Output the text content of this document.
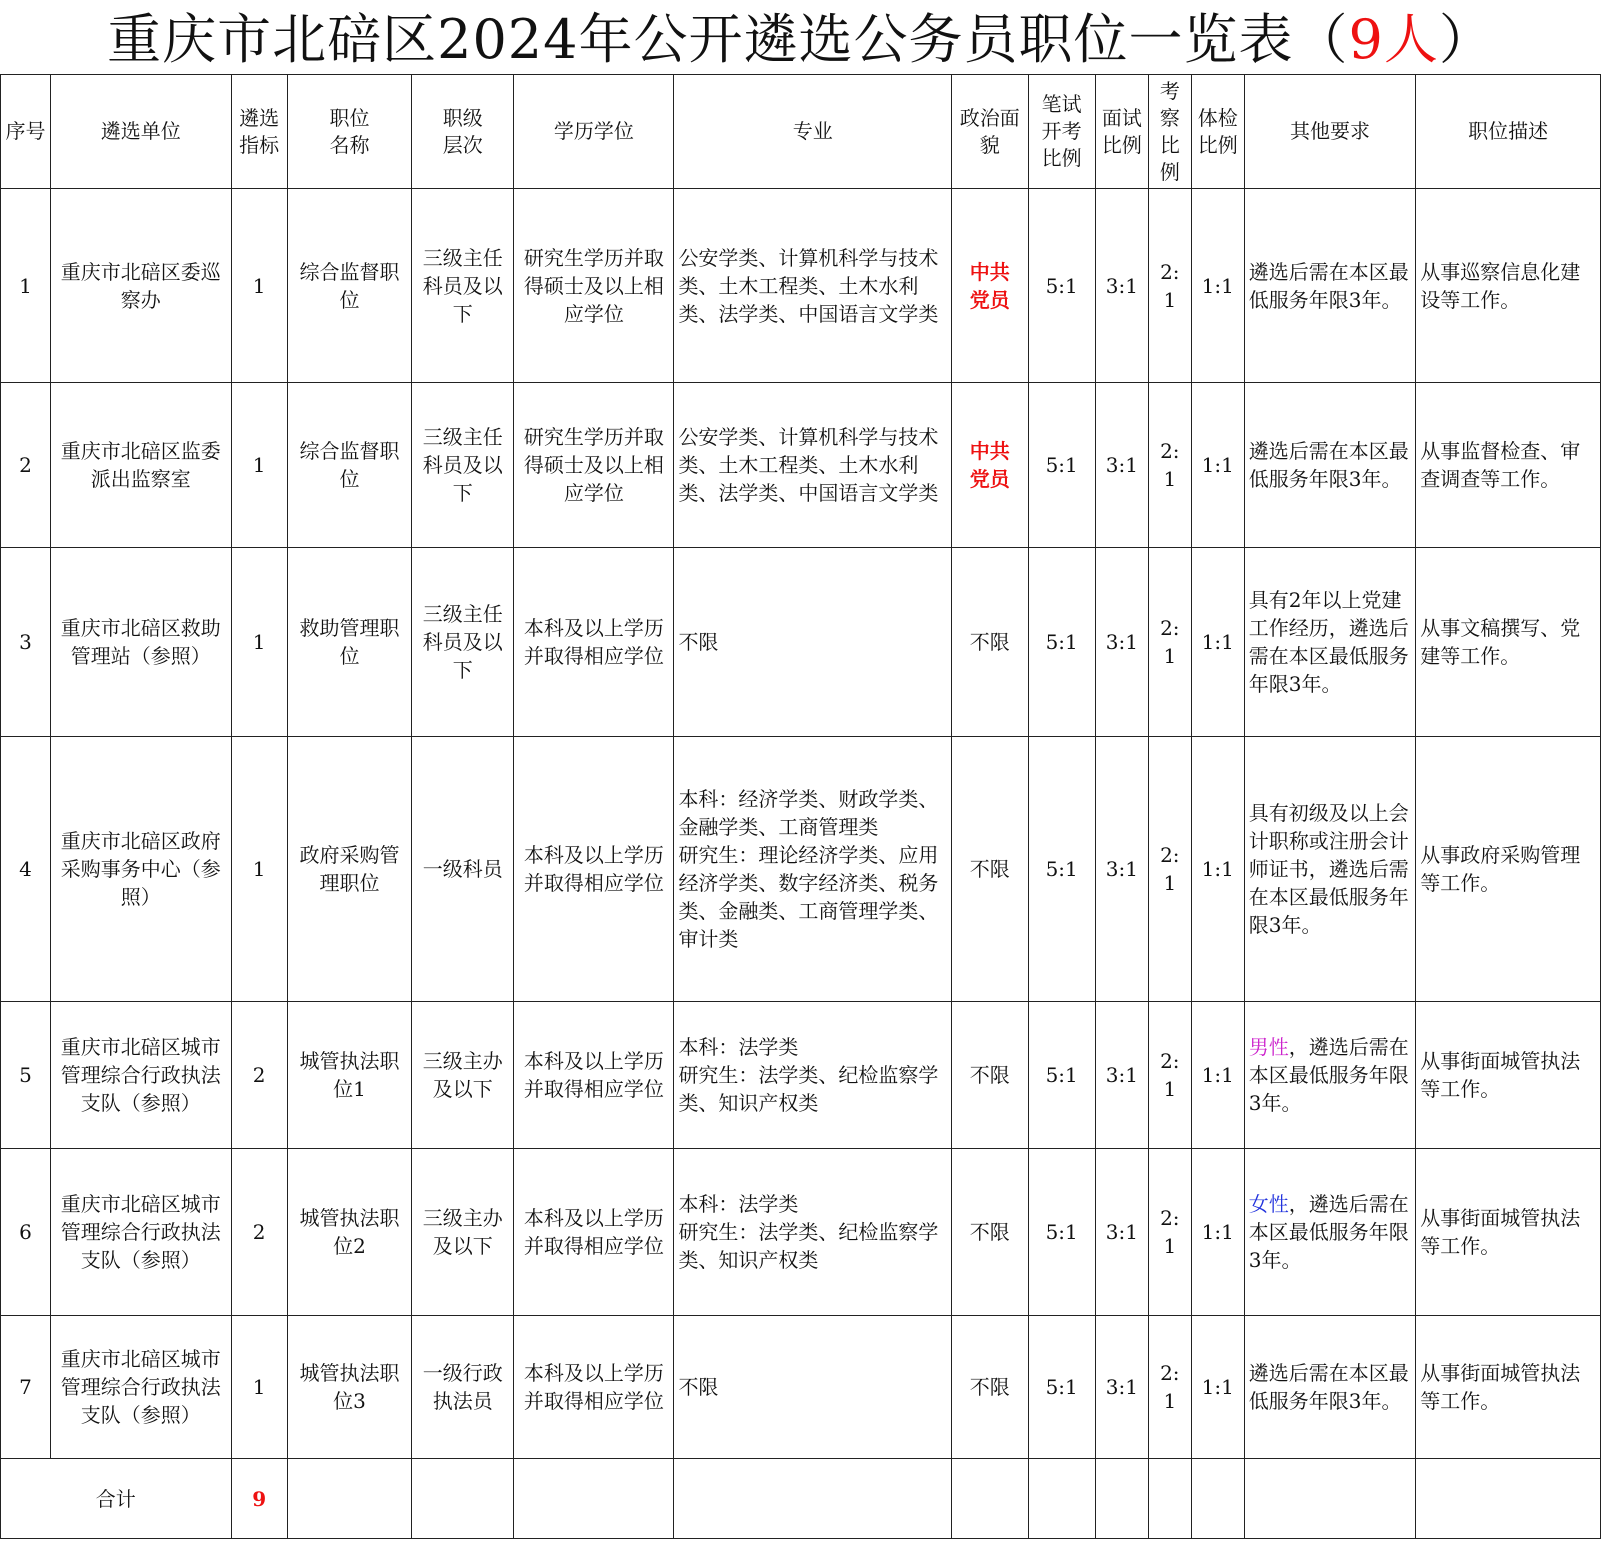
重庆市北碚区2024年公开遴选公务员职位一览表（9人）
序号	遴选单位	遴选指标	职位名称	职级层次	学历学位	专业	政治面貌	笔试开考比例	面试比例	考察比例	体检比例	其他要求	职位描述
1	重庆市北碚区委巡察办	1	综合监督职位	三级主任科员及以下	研究生学历并取得硕士及以上相应学位	公安学类、计算机科学与技术类、土木工程类、土木水利类、法学类、中国语言文学类	中共党员	5:1	3:1	2:1	1:1	遴选后需在本区最低服务年限3年。	从事巡察信息化建设等工作。
2	重庆市北碚区监委派出监察室	1	综合监督职位	三级主任科员及以下	研究生学历并取得硕士及以上相应学位	公安学类、计算机科学与技术类、土木工程类、土木水利类、法学类、中国语言文学类	中共党员	5:1	3:1	2:1	1:1	遴选后需在本区最低服务年限3年。	从事监督检查、审查调查等工作。
3	重庆市北碚区救助管理站（参照）	1	救助管理职位	三级主任科员及以下	本科及以上学历并取得相应学位	不限	不限	5:1	3:1	2:1	1:1	具有2年以上党建工作经历，遴选后需在本区最低服务年限3年。	从事文稿撰写、党建等工作。
4	重庆市北碚区政府采购事务中心（参照）	1	政府采购管理职位	一级科员	本科及以上学历并取得相应学位	本科：经济学类、财政学类、金融学类、工商管理类
研究生：理论经济学类、应用经济学类、数字经济类、税务类、金融类、工商管理学类、审计类	不限	5:1	3:1	2:1	1:1	具有初级及以上会计职称或注册会计师证书，遴选后需在本区最低服务年限3年。	从事政府采购管理等工作。
5	重庆市北碚区城市管理综合行政执法支队（参照）	2	城管执法职位1	三级主办及以下	本科及以上学历并取得相应学位	本科：法学类
研究生：法学类、纪检监察学类、知识产权类	不限	5:1	3:1	2:1	1:1	男性，遴选后需在本区最低服务年限3年。	从事街面城管执法等工作。
6	重庆市北碚区城市管理综合行政执法支队（参照）	2	城管执法职位2	三级主办及以下	本科及以上学历并取得相应学位	本科：法学类
研究生：法学类、纪检监察学类、知识产权类	不限	5:1	3:1	2:1	1:1	女性，遴选后需在本区最低服务年限3年。	从事街面城管执法等工作。
7	重庆市北碚区城市管理综合行政执法支队（参照）	1	城管执法职位3	一级行政执法员	本科及以上学历并取得相应学位	不限	不限	5:1	3:1	2:1	1:1	遴选后需在本区最低服务年限3年。	从事街面城管执法等工作。
合计		9											
